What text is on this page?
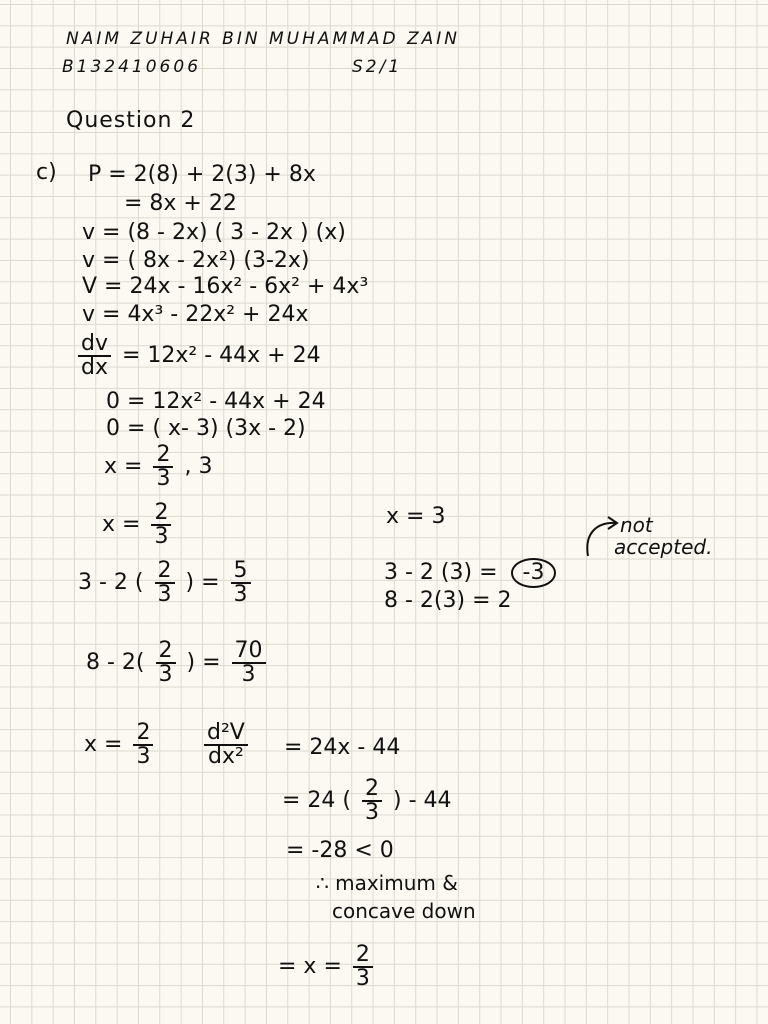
NAIM ZUHAIR BIN MUHAMMAD ZAIN
B132410606	S2/1
Question 2
c) P = 2(8) + 2(3) + 8x
= 8x + 22
v = (8 - 2x) ( 3 - 2x ) (x)
v = ( 8x - 2x²) (3-2x)
V = 24x - 16x² - 6x² + 4x³
v = 4x³ - 22x² + 24x
$\frac{dv}{dx} = 12x^2 - 44x + 24$
0 = 12x² - 44x + 24
0 = ( x- 3) (3x - 2)
$x = \frac{2}{3}$ , 3
$x = \frac{2}{3}$	x = 3
3 - 2 ( $\frac{2}{3}$ ) = $\frac{5}{3}$	3 - 2 (3) = -3
not
accepted.
8 - 2(3) = 2
$8 - 2( \frac{2}{3}$ ) = $\frac{70}{3}$
$x = \frac{2}{3} \frac{\text{d²V}}{\text{dx²}} = 24x - 44$
= 24 ( $\frac{2}{3}$ ) - 44
= -28 < 0
∴ maximum &
concave down
= $x = \frac{2}{3}$
